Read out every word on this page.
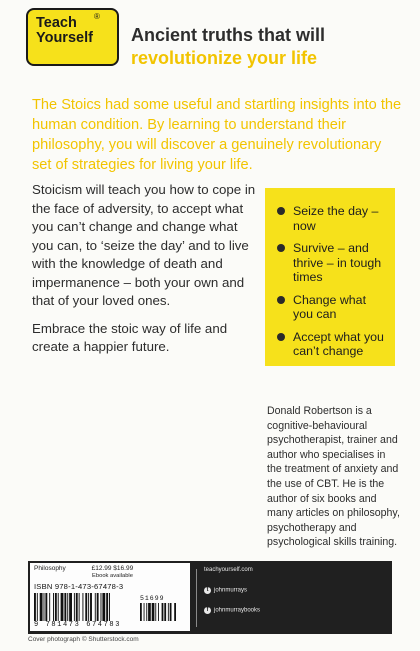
Teach
Yourself
®
Ancient truths that will
revolutionize your life

The Stoics had some useful and startling insights into the human condition. By learning to understand their philosophy, you will discover a genuinely revolutionary set of strategies for living your life.

Stoicism will teach you how to cope in the face of adversity, to accept what you can’t change and change what you can, to ‘seize the day’ and to live with the knowledge of death and impermanence – both your own and that of your loved ones.

Embrace the stoic way of life and create a happier future.

Seize the day – now
Survive – and thrive – in tough times
Change what you can
Accept what you can’t change
Donald Robertson is a cognitive-behavioural psychotherapist, trainer and author who specialises in the treatment of anxiety and the use of CBT. He is the author of six books and many articles on philosophy, psychotherapy and psychological skills training.
Philosophy	£12.99 $16.99
Ebook available
ISBN 978-1-473-67478-3
51699
9 781473 674783
teachyourself.com
t johnmurrays
f johnmurraybooks
Cover photograph © Shutterstock.com
